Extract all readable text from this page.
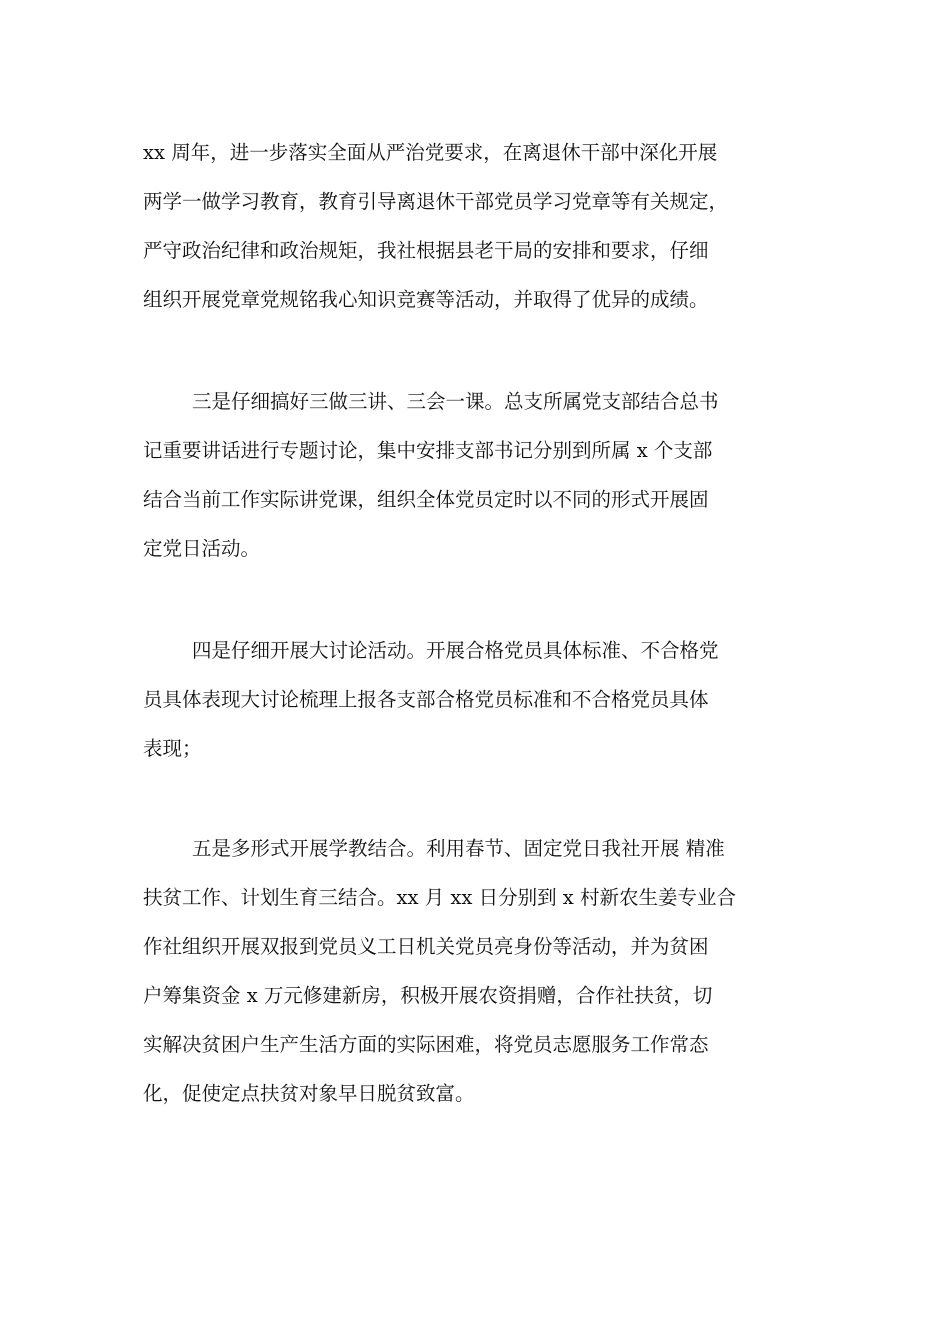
xx 周年，进一步落实全面从严治党要求，在离退休干部中深化开展
两学一做学习教育，教育引导离退休干部党员学习党章等有关规定，
严守政治纪律和政治规矩，我社根据县老干局的安排和要求，仔细
组织开展党章党规铭我心知识竞赛等活动，并取得了优异的成绩。
三是仔细搞好三做三讲、三会一课。总支所属党支部结合总书
记重要讲话进行专题讨论，集中安排支部书记分别到所属 x 个支部
结合当前工作实际讲党课，组织全体党员定时以不同的形式开展固
定党日活动。
四是仔细开展大讨论活动。开展合格党员具体标准、不合格党
员具体表现大讨论梳理上报各支部合格党员标准和不合格党员具体
表现；
五是多形式开展学教结合。利用春节、固定党日我社开展 精准
扶贫工作、计划生育三结合。xx 月 xx 日分别到 x 村新农生姜专业合
作社组织开展双报到党员义工日机关党员亮身份等活动，并为贫困
户筹集资金 x 万元修建新房，积极开展农资捐赠，合作社扶贫，切
实解决贫困户生产生活方面的实际困难，将党员志愿服务工作常态
化，促使定点扶贫对象早日脱贫致富。
